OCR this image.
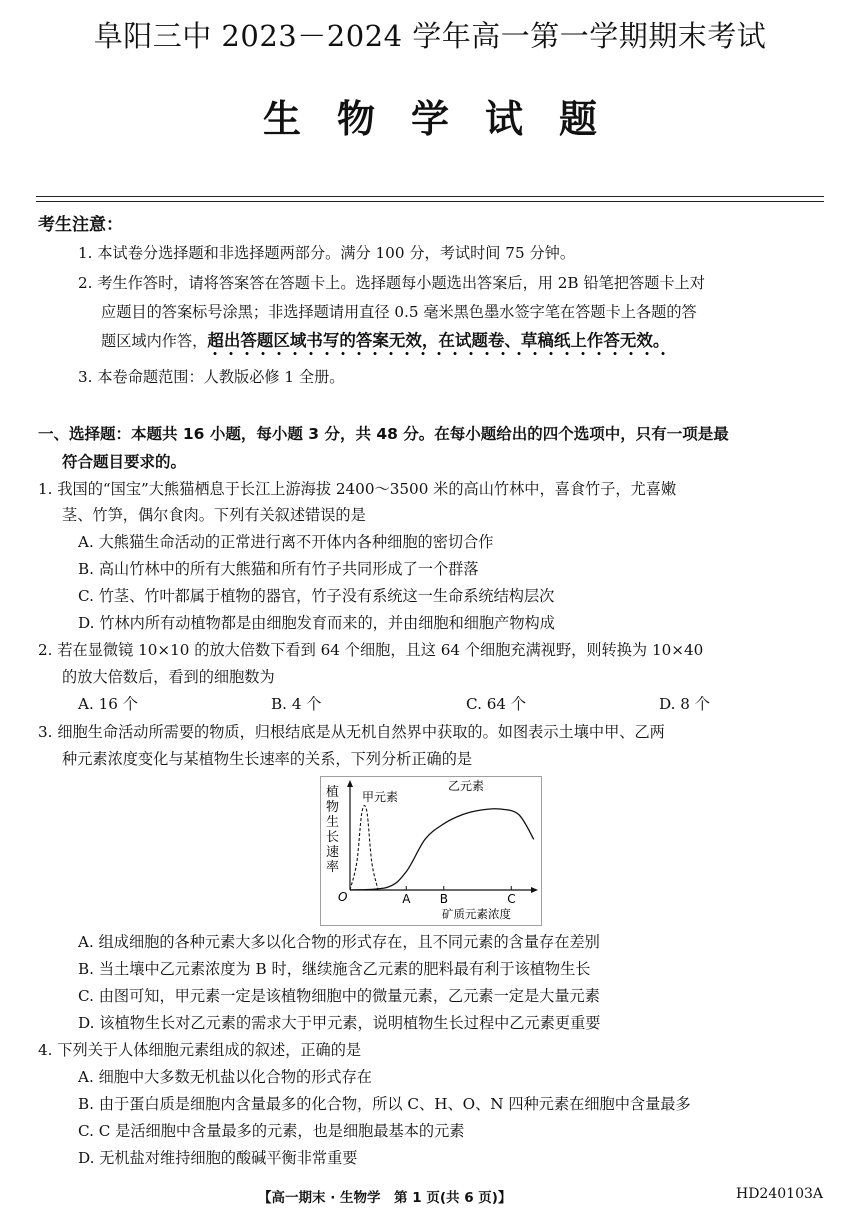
阜阳三中 2023－2024 学年高一第一学期期末考试
生物学试题
考生注意：
1. 本试卷分选择题和非选择题两部分。满分 100 分，考试时间 75 分钟。
2. 考生作答时，请将答案答在答题卡上。选择题每小题选出答案后，用 2B 铅笔把答题卡上对
应题目的答案标号涂黑；非选择题请用直径 0.5 毫米黑色墨水签字笔在答题卡上各题的答
题区域内作答，超出答题区域书写的答案无效，在试题卷、草稿纸上作答无效。
3. 本卷命题范围：人教版必修 1 全册。
一、选择题：本题共 16 小题，每小题 3 分，共 48 分。在每小题给出的四个选项中，只有一项是最
符合题目要求的。
1. 我国的“国宝”大熊猫栖息于长江上游海拔 2400～3500 米的高山竹林中，喜食竹子，尤喜嫩
茎、竹笋，偶尔食肉。下列有关叙述错误的是
A. 大熊猫生命活动的正常进行离不开体内各种细胞的密切合作
B. 高山竹林中的所有大熊猫和所有竹子共同形成了一个群落
C. 竹茎、竹叶都属于植物的器官，竹子没有系统这一生命系统结构层次
D. 竹林内所有动植物都是由细胞发育而来的，并由细胞和细胞产物构成
2. 若在显微镜 10×10 的放大倍数下看到 64 个细胞，且这 64 个细胞充满视野，则转换为 10×40
的放大倍数后，看到的细胞数为
A. 16 个	B. 4 个	C. 64 个	D. 8 个
3. 细胞生命活动所需要的物质，归根结底是从无机自然界中获取的。如图表示土壤中甲、乙两
种元素浓度变化与某植物生长速率的关系，下列分析正确的是
植
物
生
长
速
率
O	A B	C
矿质元素浓度
甲元素
乙元素
A. 组成细胞的各种元素大多以化合物的形式存在，且不同元素的含量存在差别
B. 当土壤中乙元素浓度为 B 时，继续施含乙元素的肥料最有利于该植物生长
C. 由图可知，甲元素一定是该植物细胞中的微量元素，乙元素一定是大量元素
D. 该植物生长对乙元素的需求大于甲元素，说明植物生长过程中乙元素更重要
4. 下列关于人体细胞元素组成的叙述，正确的是
A. 细胞中大多数无机盐以化合物的形式存在
B. 由于蛋白质是细胞内含量最多的化合物，所以 C、H、O、N 四种元素在细胞中含量最多
C. C 是活细胞中含量最多的元素，也是细胞最基本的元素
D. 无机盐对维持细胞的酸碱平衡非常重要
【高一期末 · 生物学　第 1 页(共 6 页)】	HD240103A
